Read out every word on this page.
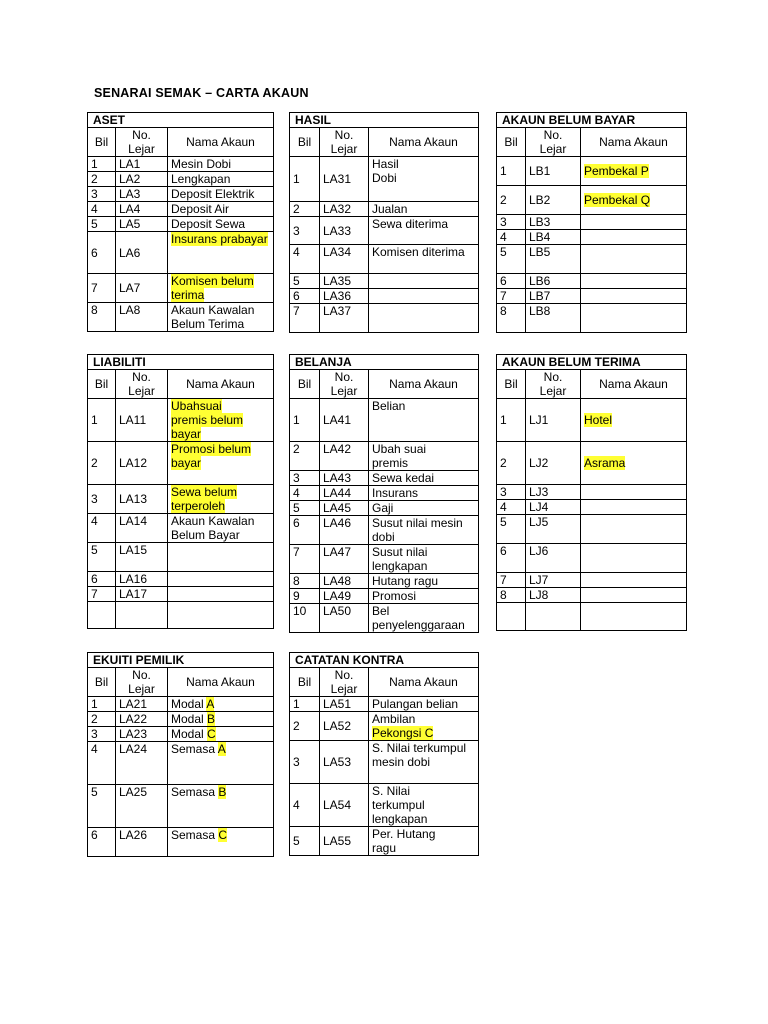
SENARAI SEMAK – CARTA AKAUN
ASET		
Bil	No. Lejar	Nama Akaun
1	LA1	Mesin Dobi
2	LA2	Lengkapan
3	LA3	Deposit Elektrik
4	LA4	Deposit Air
5	LA5	Deposit Sewa
6	LA6	Insurans prabayar
7	LA7	Komisen belum terima
8	LA8	Akaun Kawalan Belum Terima
HASIL		
Bil	No. Lejar	Nama Akaun
1	LA31	Hasil Dobi

2	LA32	Jualan
3	LA33	Sewa diterima
4	LA34	Komisen diterima
5	LA35	
6	LA36	
7	LA37	
AKAUN BELUM BAYAR		
Bil	No. Lejar	Nama Akaun
1	LB1	Pembekal P
2	LB2	Pembekal Q
3	LB3	
4	LB4	
5	LB5	
6	LB6	
7	LB7	
8	LB8	
LIABILITI		
Bil	No. Lejar	Nama Akaun
1	LA11	Ubahsuai premis belum bayar

2	LA12	Promosi belum bayar
3	LA13	Sewa belum terperoleh

4	LA14	Akaun Kawalan Belum Bayar
5	LA15	
6	LA16	
7	LA17	

BELANJA		
Bil	No. Lejar	Nama Akaun
1	LA41	Belian
2	LA42	Ubah suai premis

3	LA43	Sewa kedai
4	LA44	Insurans
5	LA45	Gaji
6	LA46	Susut nilai mesin dobi
7	LA47	Susut nilai lengkapan

8	LA48	Hutang ragu
9	LA49	Promosi
10	LA50	Bel penyelenggaraan
AKAUN BELUM TERIMA		
Bil	No. Lejar	Nama Akaun
1	LJ1	Hotel
2	LJ2	Asrama
3	LJ3	
4	LJ4	
5	LJ5	
6	LJ6	
7	LJ7	
8	LJ8	

EKUITI PEMILIK		
Bil	No. Lejar	Nama Akaun
1	LA21	Modal A
2	LA22	Modal B
3	LA23	Modal C
4	LA24	Semasa A
5	LA25	Semasa B
6	LA26	Semasa C
CATATAN KONTRA		
Bil	No. Lejar	Nama Akaun
1	LA51	Pulangan belian
2	LA52	Ambilan
Pekongsi C
3	LA53	S. Nilai terkumpul mesin dobi

4	LA54	S. Nilai terkumpul lengkapan

5	LA55	Per. Hutang ragu
